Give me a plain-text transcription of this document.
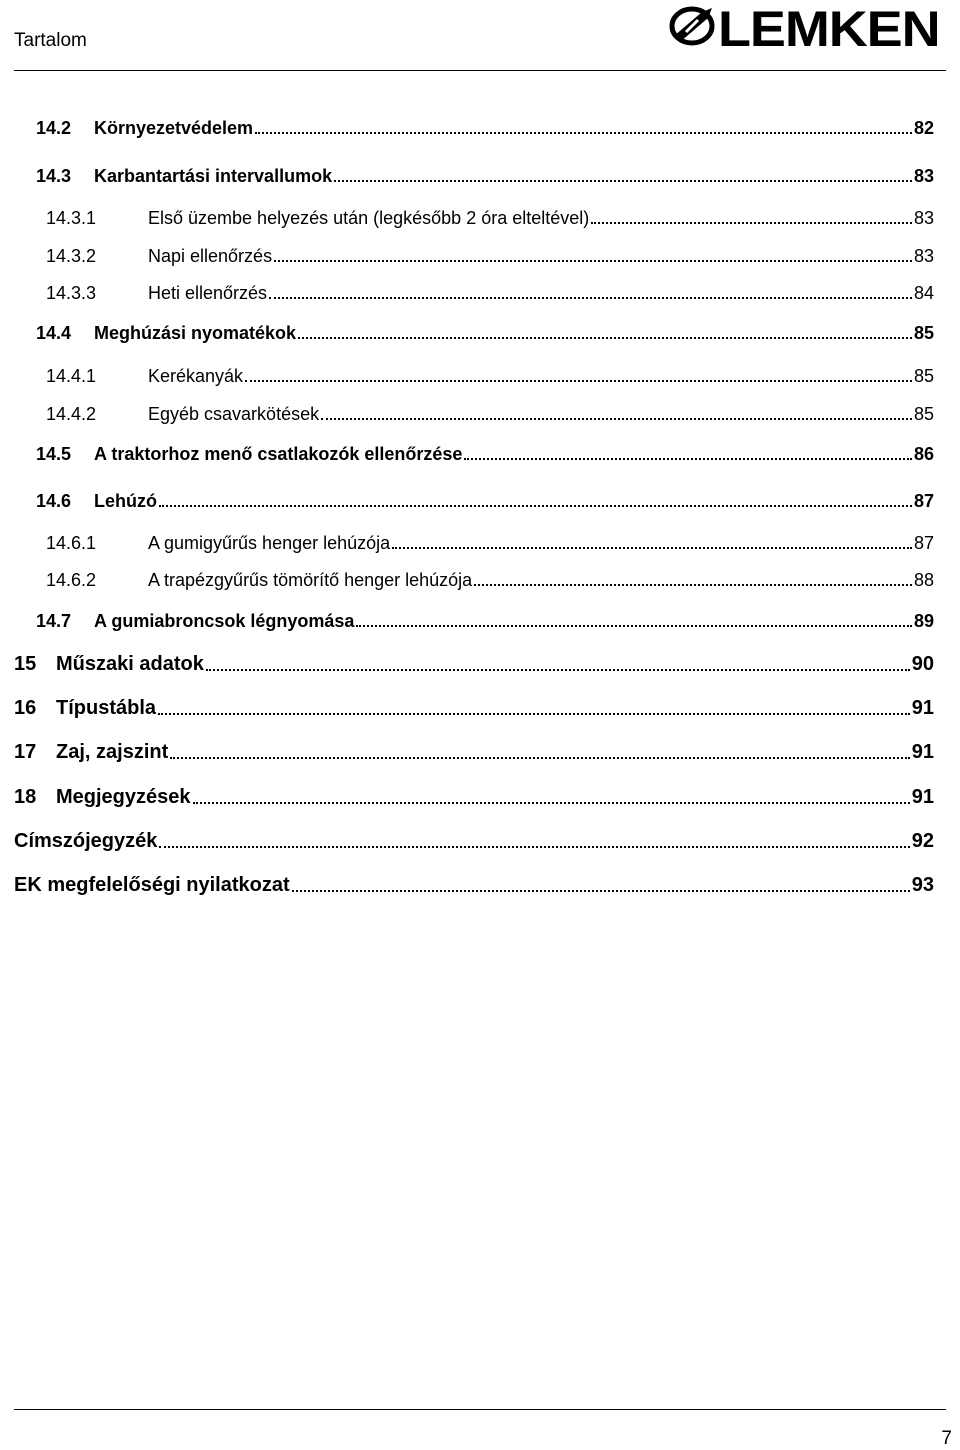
Tartalom	LEMKEN
14.2	Környezetvédelem	82
14.3	Karbantartási intervallumok	83
14.3.1	Első üzembe helyezés után (legkésőbb 2 óra elteltével)	83
14.3.2	Napi ellenőrzés	83
14.3.3	Heti ellenőrzés	84
14.4	Meghúzási nyomatékok	85
14.4.1	Kerékanyák	85
14.4.2	Egyéb csavarkötések	85
14.5	A traktorhoz menő csatlakozók ellenőrzése	86
14.6	Lehúzó	87
14.6.1	A gumigyűrűs henger lehúzója	87
14.6.2	A trapézgyűrűs tömörítő henger lehúzója	88
14.7	A gumiabroncsok légnyomása	89
15 Műszaki adatok	90
16 Típustábla	91
17 Zaj, zajszint	91
18 Megjegyzések	91
Címszójegyzék	92
EK megfelelőségi nyilatkozat	93
7
